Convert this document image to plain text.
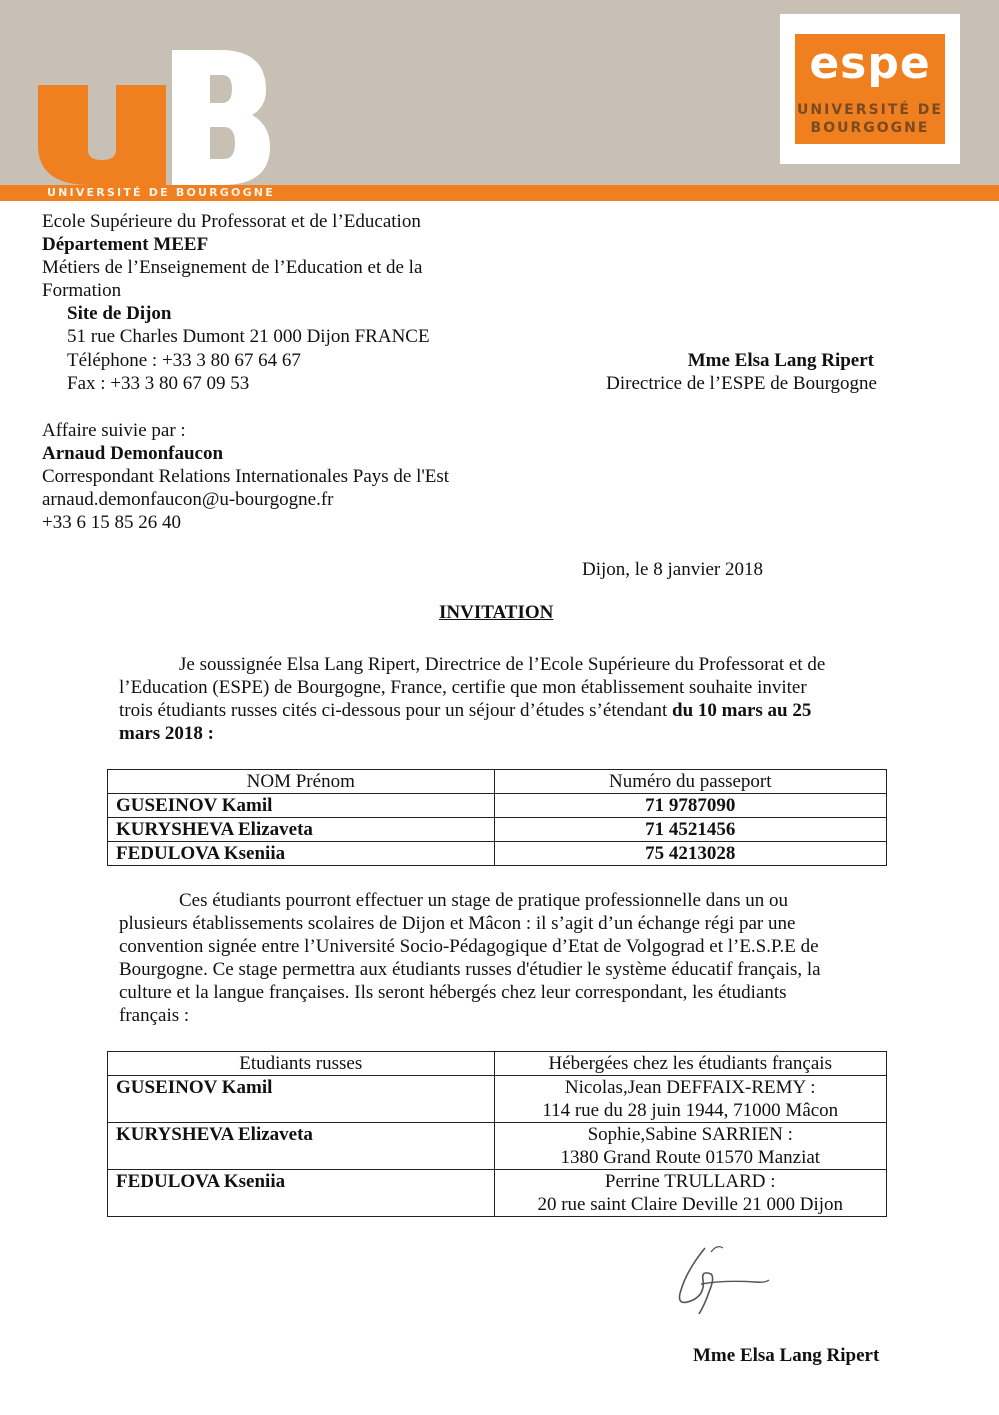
UNIVERSITÉ DE BOURGOGNE
espe
UNIVERSITÉ DE
BOURGOGNE
Ecole Supérieure du Professorat et de l’Education
Département MEEF
Métiers de l’Enseignement de l’Education et de la
Formation
Site de Dijon
51 rue Charles Dumont 21 000 Dijon FRANCE
Téléphone : +33 3 80 67 64 67
Fax : +33 3 80 67 09 53
Mme Elsa Lang Ripert
Directrice de l’ESPE de Bourgogne
Affaire suivie par :
Arnaud Demonfaucon
Correspondant Relations Internationales Pays de l'Est
arnaud.demonfaucon@u-bourgogne.fr
+33 6 15 85 26 40
Dijon, le 8 janvier 2018
INVITATION
Je soussignée Elsa Lang Ripert, Directrice de l’Ecole Supérieure du Professorat et de
l’Education (ESPE) de Bourgogne, France, certifie que mon établissement souhaite inviter
trois étudiants russes cités ci-dessous pour un séjour d’études s’étendant du 10 mars au 25
mars 2018 :
NOM Prénom	Numéro du passeport
GUSEINOV Kamil	71 9787090
KURYSHEVA Elizaveta	71 4521456
FEDULOVA Kseniia	75 4213028
Ces étudiants pourront effectuer un stage de pratique professionnelle dans un ou
plusieurs établissements scolaires de Dijon et Mâcon : il s’agit d’un échange régi par une
convention signée entre l’Université Socio-Pédagogique d’Etat de Volgograd et l’E.S.P.E de
Bourgogne. Ce stage permettra aux étudiants russes d'étudier le système éducatif français, la
culture et la langue françaises. Ils seront hébergés chez leur correspondant, les étudiants
français :
Etudiants russes	Hébergées chez les étudiants français
GUSEINOV Kamil	Nicolas,Jean DEFFAIX-REMY :
114 rue du 28 juin 1944, 71000 Mâcon

KURYSHEVA Elizaveta	Sophie,Sabine SARRIEN :
1380 Grand Route 01570 Manziat

FEDULOVA Kseniia	Perrine TRULLARD :
20 rue saint Claire Deville 21 000 Dijon
Mme Elsa Lang Ripert
